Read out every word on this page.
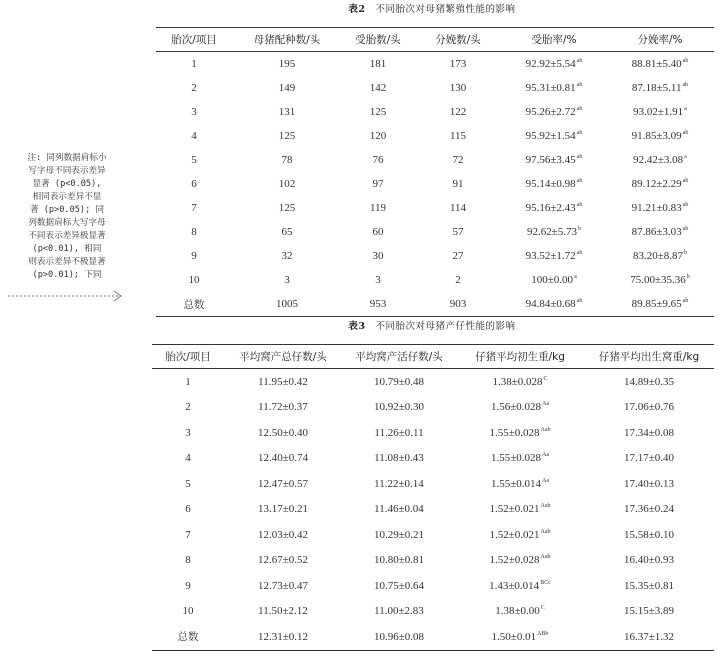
注: 同列数据肩标小
写字母不同表示差异
显著 (p<0.05),
相同表示差异不显
著 (p>0.05); 同
列数据肩标大写字母
不同表示差异极显著
(p<0.01), 相同
则表示差异不极显著
(p>0.01); 下同
表2 不同胎次对母猪繁殖性能的影响
胎次/项目	母猪配种数/头	受胎数/头	分娩数/头	受胎率/%	分娩率/%
1	195	181	173	92.92±5.54$^{ab}$	88.81±5.40$^{ab}$
2	149	142	130	95.31±0.81$^{ab}$	87.18±5.11$^{ab}$
3	131	125	122	95.26±2.72$^{ab}$	93.02±1.91$^a$
4	125	120	115	95.92±1.54$^{ab}$	91.85±3.09$^{ab}$
5	78	76	72	97.56±3.45$^{ab}$	92.42±3.08$^a$
6	102	97	91	95.14±0.98$^{ab}$	89.12±2.29$^{ab}$
7	125	119	114	95.16±2.43$^{ab}$	91.21±0.83$^{ab}$
8	65	60	57	92.62±5.73$^b$	87.86±3.03$^{ab}$
9	32	30	27	93.52±1.72$^{ab}$	83.20±8.87$^b$
10	3	3	2	100±0.00$^a$	75.00±35.36$^b$
总数	1005	953	903	94.84±0.68$^{ab}$	89.85±9.65$^{ab}$
表3 不同胎次对母猪产仔性能的影响
胎次/项目	平均窝产总仔数/头	平均窝产活仔数/头	仔猪平均初生重/kg	仔猪平均出生窝重/kg
1	11.95±0.42	10.79±0.48	$1.38\pm 0.028^C$	14.89±0.35
2	11.72±0.37	10.92±0.30	$1.56\pm 0.028^{Aa}$	17.06±0.76
3	12.50±0.40	11.26±0.11	$1.55\pm 0.028^{Aab}$	17.34±0.08
4	12.40±0.74	11.08±0.43	$1.55\pm 0.028^{Aa}$	17.17±0.40
5	12.47±0.57	11.22±0.14	$1.55\pm 0.014^{Aa}$	17.40±0.13
6	13.17±0.21	11.46±0.04	$1.52\pm 0.021^{Aab}$	17.36±0.24
7	12.03±0.42	10.29±0.21	$1.52\pm 0.021^{Aab}$	15.58±0.10
8	12.67±0.52	10.80±0.81	$1.52\pm 0.028^{Aab}$	16.40±0.93
9	12.73±0.47	10.75±0.64	$1.43\pm 0.014^{BCc}$	15.35±0.81
10	11.50±2.12	11.00±2.83	$1.38\pm 0.00^C$	15.15±3.89
总数	12.31±0.12	10.96±0.08	$1.50\pm 0.01^{ABb}$	16.37±1.32
